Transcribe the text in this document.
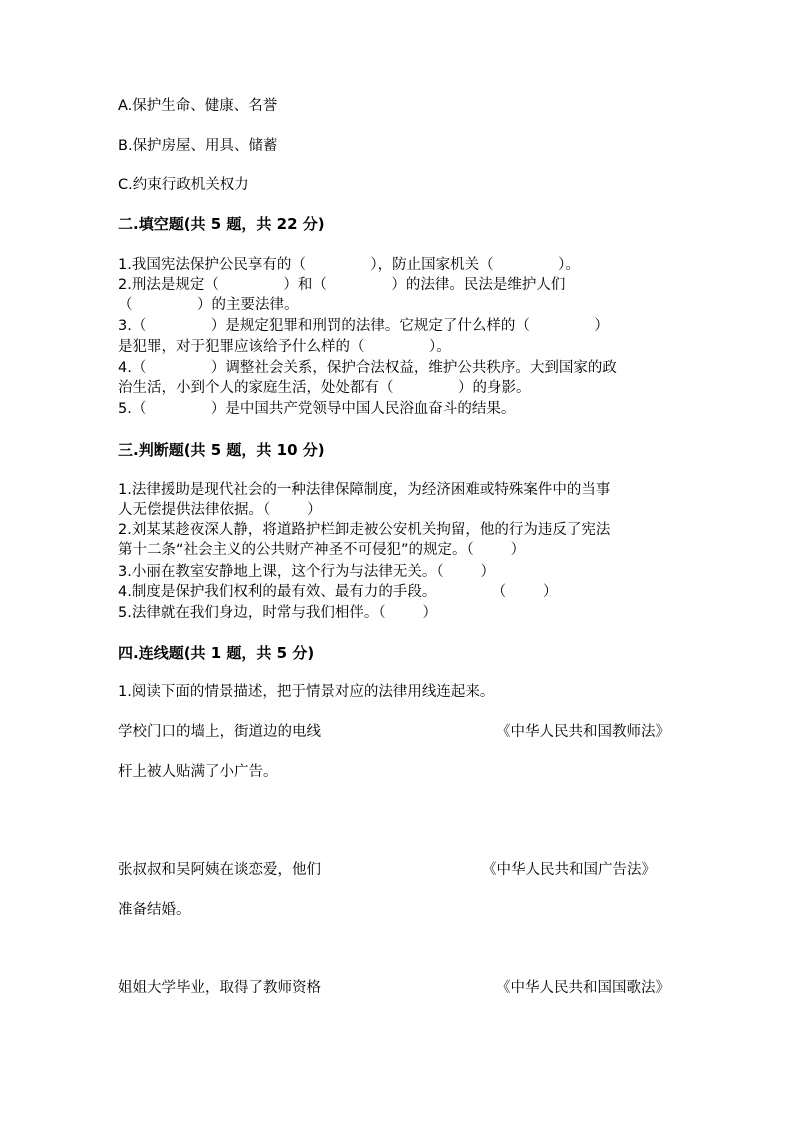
A.保护生命、健康、名誉
B.保护房屋、用具、储蓄
C.约束行政机关权力
二.填空题(共 5 题，共 22 分)
1.我国宪法保护公民享有的（              ），防止国家机关（              ）。
2.刑法是规定（              ）和（              ）的法律。民法是维护人们
（              ）的主要法律。
3.（              ）是规定犯罪和刑罚的法律。它规定了什么样的（              ）
是犯罪，对于犯罪应该给予什么样的（              ）。
4.（              ）调整社会关系，保护合法权益，维护公共秩序。大到国家的政
治生活，小到个人的家庭生活，处处都有（              ）的身影。
5.（              ）是中国共产党领导中国人民浴血奋斗的结果。
三.判断题(共 5 题，共 10 分)
1.法律援助是现代社会的一种法律保障制度，为经济困难或特殊案件中的当事
人无偿提供法律依据。（        ）
2.刘某某趁夜深人静，将道路护栏卸走被公安机关拘留，他的行为违反了宪法
第十二条“社会主义的公共财产神圣不可侵犯”的规定。（        ）
3.小丽在教室安静地上课，这个行为与法律无关。（        ）
4.制度是保护我们权利的最有效、最有力的手段。            （        ）
5.法律就在我们身边，时常与我们相伴。（        ）
四.连线题(共 1 题，共 5 分)
1.阅读下面的情景描述，把于情景对应的法律用线连起来。
学校门口的墙上，街道边的电线	《中华人民共和国教师法》
杆上被人贴满了小广告。
张叔叔和吴阿姨在谈恋爱，他们	《中华人民共和国广告法》
准备结婚。
姐姐大学毕业，取得了教师资格	《中华人民共和国国歌法》
